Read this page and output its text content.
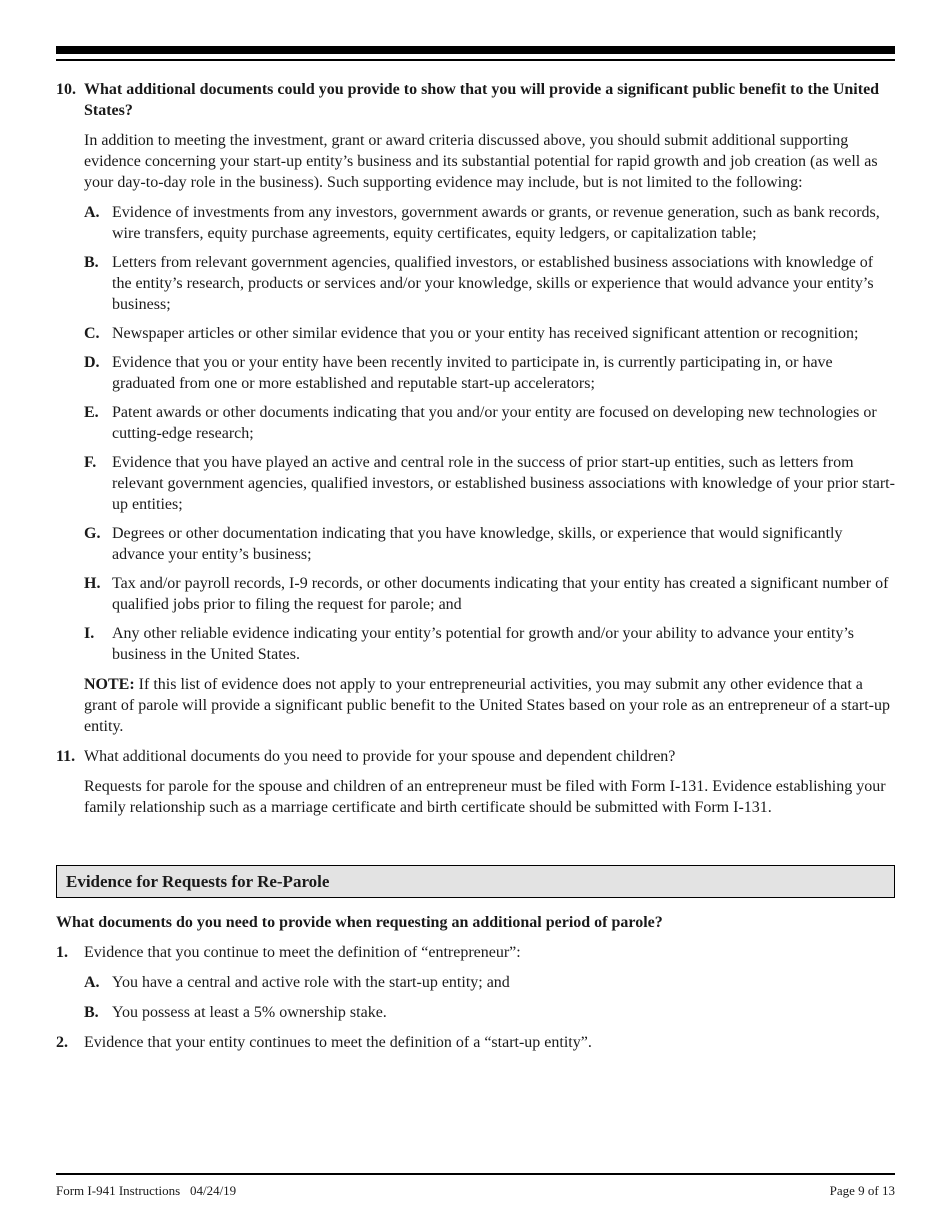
10. What additional documents could you provide to show that you will provide a significant public benefit to the United States?

In addition to meeting the investment, grant or award criteria discussed above, you should submit additional supporting evidence concerning your start-up entity’s business and its substantial potential for rapid growth and job creation (as well as your day-to-day role in the business). Such supporting evidence may include, but is not limited to the following:

A. Evidence of investments from any investors, government awards or grants, or revenue generation, such as bank records, wire transfers, equity purchase agreements, equity certificates, equity ledgers, or capitalization table;
B. Letters from relevant government agencies, qualified investors, or established business associations with knowledge of the entity’s research, products or services and/or your knowledge, skills or experience that would advance your entity’s business;
C. Newspaper articles or other similar evidence that you or your entity has received significant attention or recognition;
D. Evidence that you or your entity have been recently invited to participate in, is currently participating in, or have graduated from one or more established and reputable start-up accelerators;
E. Patent awards or other documents indicating that you and/or your entity are focused on developing new technologies or cutting-edge research;
F. Evidence that you have played an active and central role in the success of prior start-up entities, such as letters from relevant government agencies, qualified investors, or established business associations with knowledge of your prior start-up entities;
G. Degrees or other documentation indicating that you have knowledge, skills, or experience that would significantly advance your entity’s business;
H. Tax and/or payroll records, I-9 records, or other documents indicating that your entity has created a significant number of qualified jobs prior to filing the request for parole; and
I.	Any other reliable evidence indicating your entity’s potential for growth and/or your ability to advance your entity’s business in the United States.

NOTE: If this list of evidence does not apply to your entrepreneurial activities, you may submit any other evidence that a grant of parole will provide a significant public benefit to the United States based on your role as an entrepreneur of a start-up entity.

11. What additional documents do you need to provide for your spouse and dependent children?

Requests for parole for the spouse and children of an entrepreneur must be filed with Form I-131. Evidence establishing your family relationship such as a marriage certificate and birth certificate should be submitted with Form I-131.

Evidence for Requests for Re-Parole
What documents do you need to provide when requesting an additional period of parole?
1.	Evidence that you continue to meet the definition of “entrepreneur”:
A. You have a central and active role with the start-up entity; and
B. You possess at least a 5% ownership stake.
2.	Evidence that your entity continues to meet the definition of a “start-up entity”.
Form I-941 Instructions   04/24/19	Page 9 of 13
